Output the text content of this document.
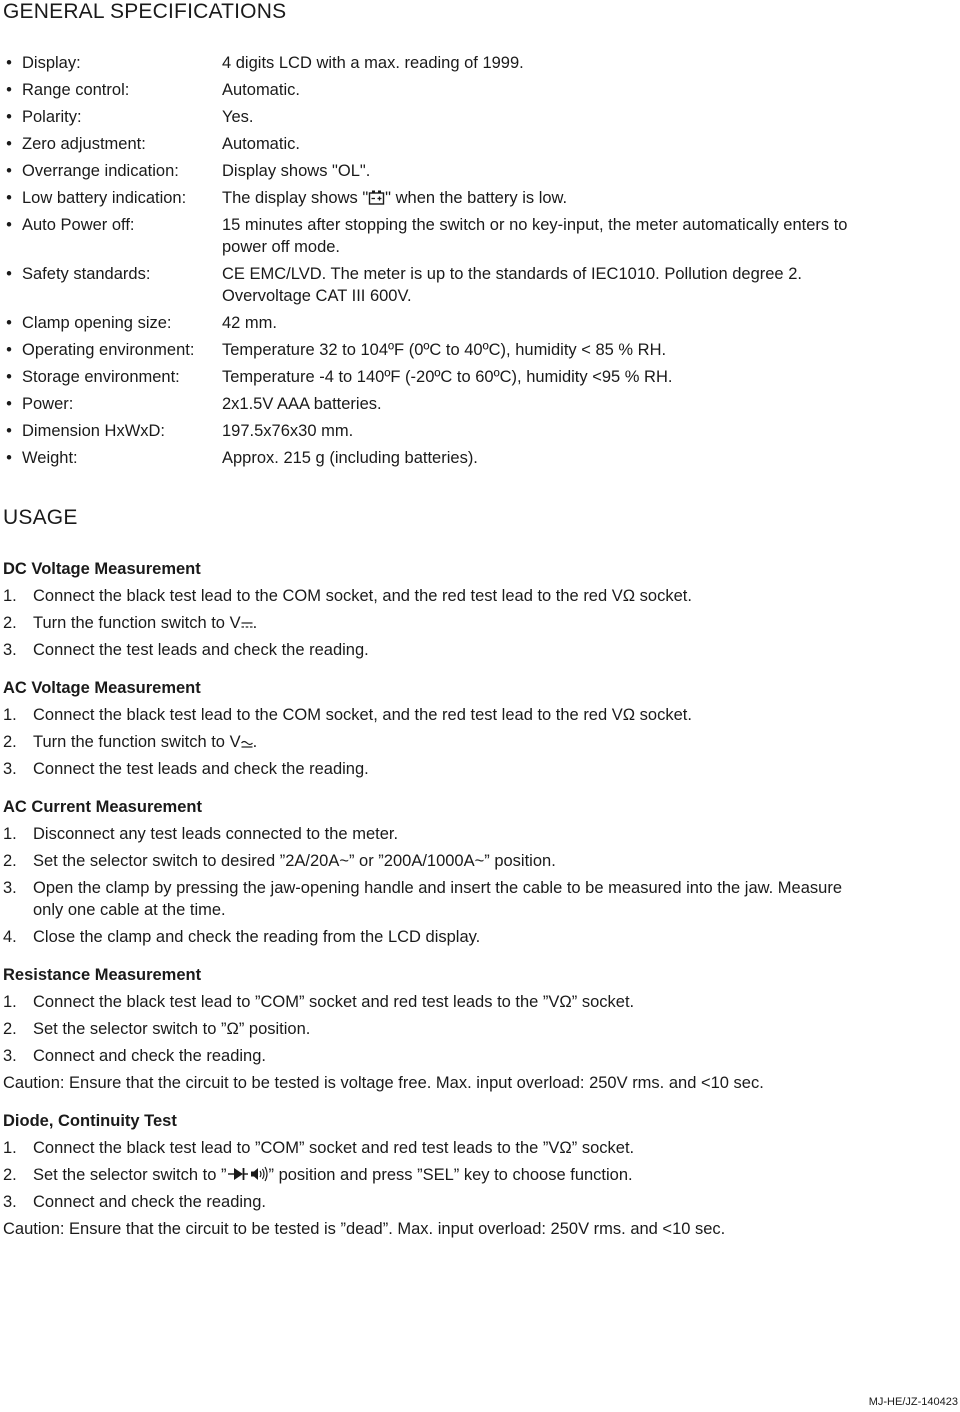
GENERAL SPECIFICATIONS
• Display:	4 digits LCD with a max. reading of 1999.
• Range control:	Automatic.
• Polarity:	Yes.
• Zero adjustment:	Automatic.
• Overrange indication:	Display shows "OL".
• Low battery indication: The display shows " " when the battery is low.
• Auto Power off:	15 minutes after stopping the switch or no key-input, the meter automatically enters to power off mode.
• Safety standards:	CE EMC/LVD. The meter is up to the standards of IEC1010. Pollution degree 2. Overvoltage CAT III 600V.
• Clamp opening size:	42 mm.
• Operating environment: Temperature 32 to 104ºF (0ºC to 40ºC), humidity < 85 % RH.
• Storage environment:	Temperature -4 to 140ºF (-20ºC to 60ºC), humidity <95 % RH.
• Power:	2x1.5V AAA batteries.
• Dimension HxWxD:	197.5x76x30 mm.
• Weight:	Approx. 215 g (including batteries).
USAGE
DC Voltage Measurement
1. Connect the black test lead to the COM socket, and the red test lead to the red VΩ socket.
2. Turn the function switch to V .
3. Connect the test leads and check the reading.
AC Voltage Measurement
1. Connect the black test lead to the COM socket, and the red test lead to the red VΩ socket.
2. Turn the function switch to V .
3. Connect the test leads and check the reading.
AC Current Measurement
1. Disconnect any test leads connected to the meter.
2. Set the selector switch to desired ”2A/20A~” or ”200A/1000A~” position.
3. Open the clamp by pressing the jaw-opening handle and insert the cable to be measured into the jaw. Measure only one cable at the time.
4. Close the clamp and check the reading from the LCD display.
Resistance Measurement
1. Connect the black test lead to ”COM” socket and red test leads to the ”VΩ” socket.
2. Set the selector switch to ”Ω” position.
3. Connect and check the reading.
Caution: Ensure that the circuit to be tested is voltage free. Max. input overload: 250V rms. and <10 sec.
Diode, Continuity Test
1. Connect the black test lead to ”COM” socket and red test leads to the ”VΩ” socket.
2. Set the selector switch to ”	” position and press ”SEL” key to choose function.
3. Connect and check the reading.
Caution: Ensure that the circuit to be tested is ”dead”. Max. input overload: 250V rms. and <10 sec.
MJ-HE/JZ-140423
